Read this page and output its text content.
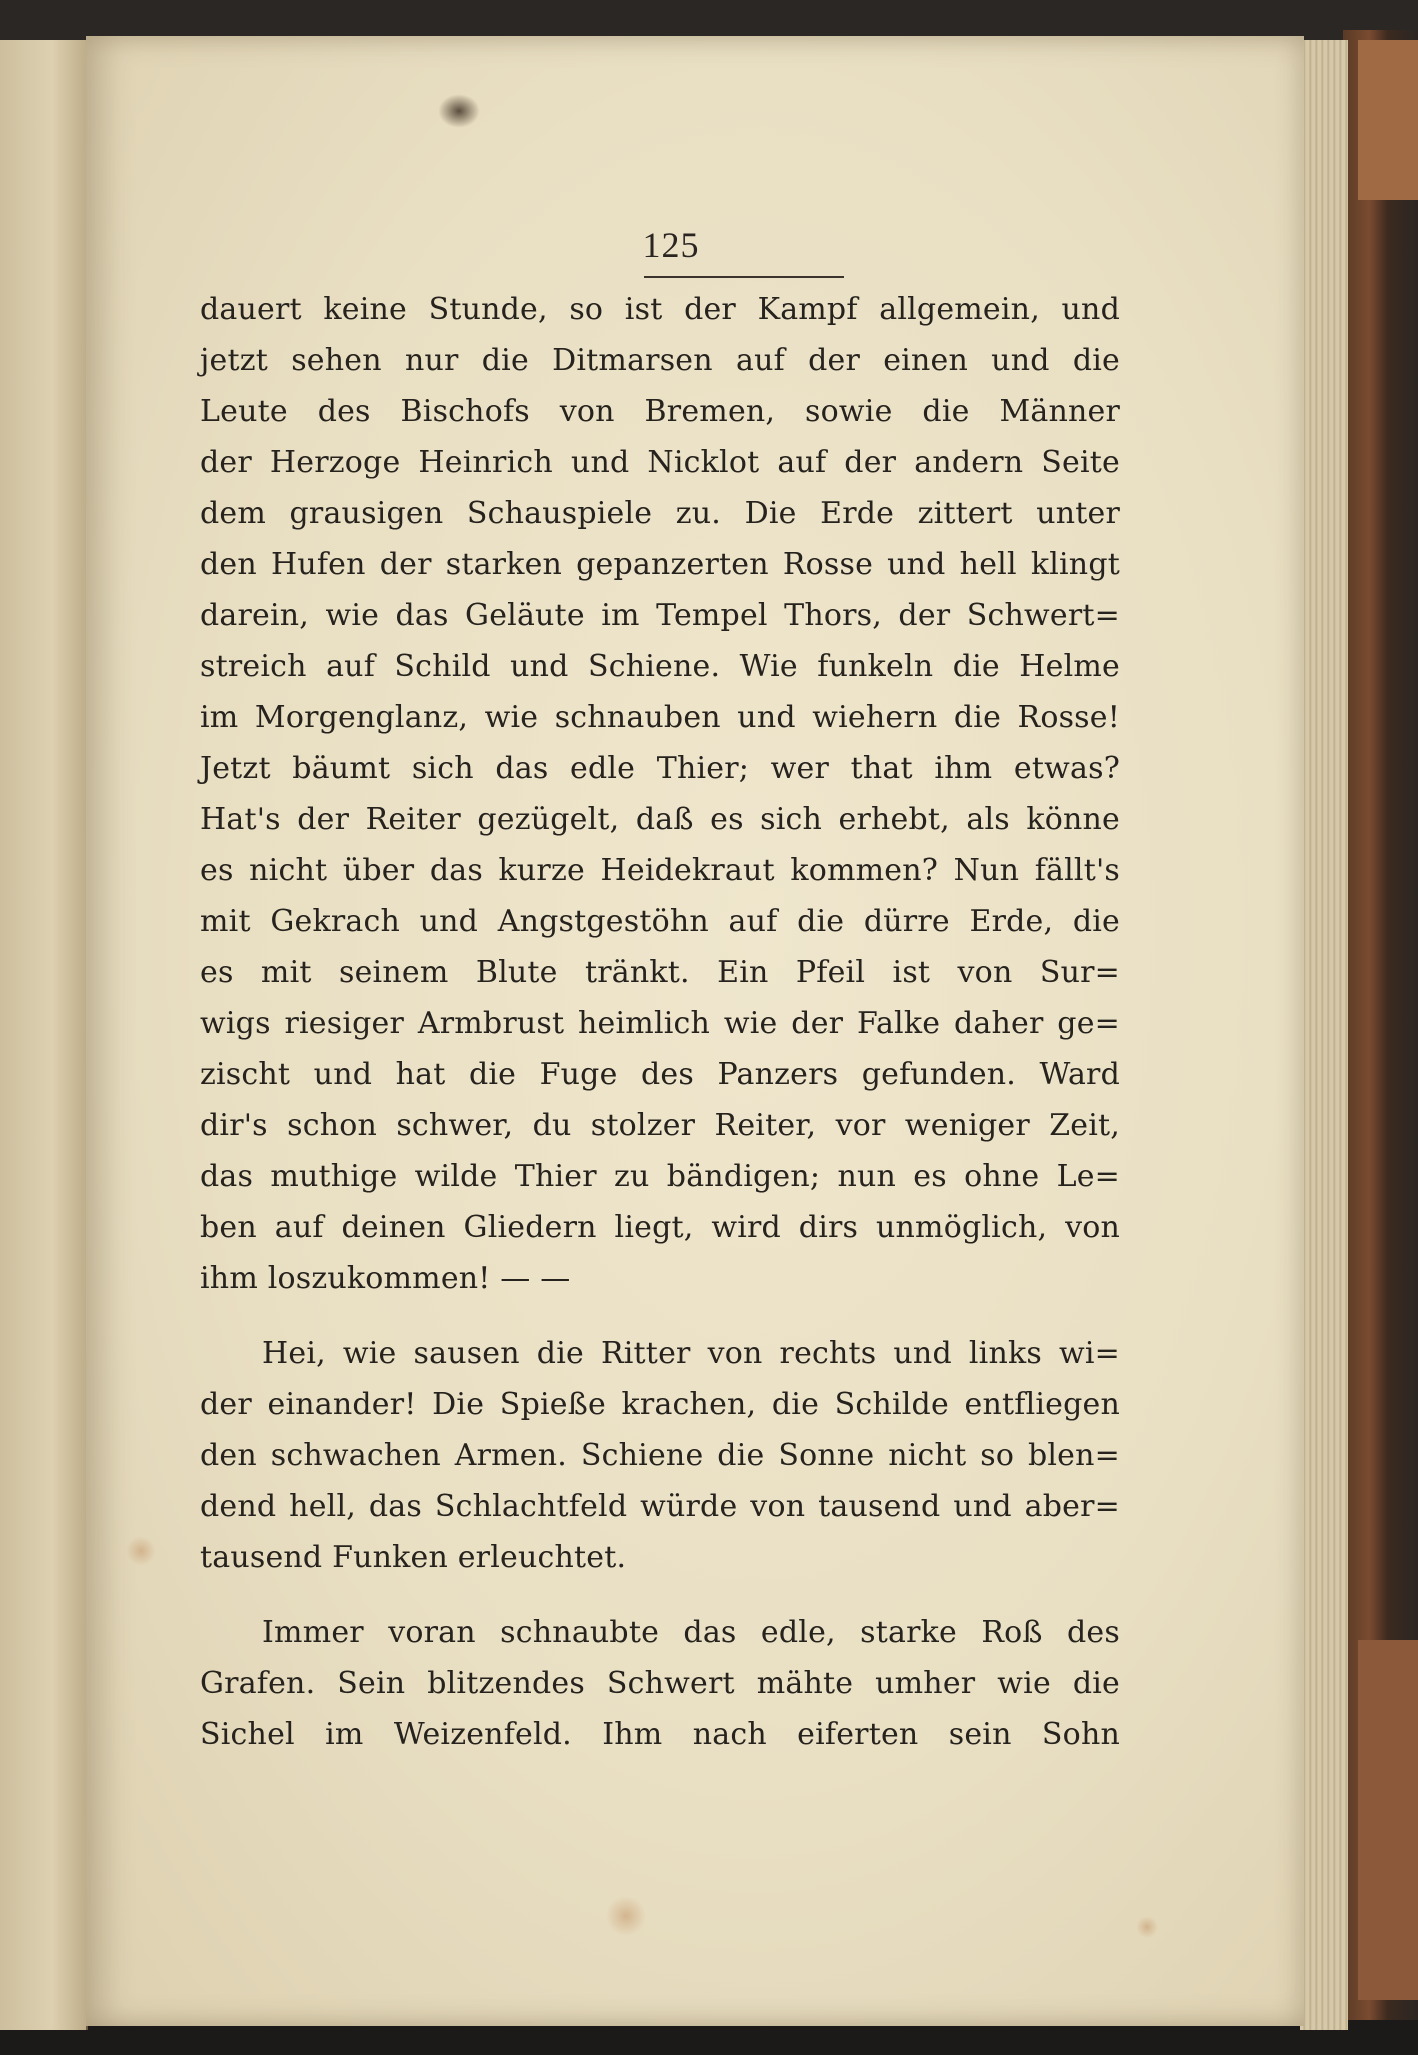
125
dauert keine Stunde, so ist der Kampf allgemein, und
jetzt sehen nur die Ditmarsen auf der einen und die
Leute des Bischofs von Bremen, sowie die Männer
der Herzoge Heinrich und Nicklot auf der andern Seite
dem grausigen Schauspiele zu. Die Erde zittert unter
den Hufen der starken gepanzerten Rosse und hell klingt
darein, wie das Geläute im Tempel Thors, der Schwert=
streich auf Schild und Schiene. Wie funkeln die Helme
im Morgenglanz, wie schnauben und wiehern die Rosse!
Jetzt bäumt sich das edle Thier; wer that ihm etwas?
Hat's der Reiter gezügelt, daß es sich erhebt, als könne
es nicht über das kurze Heidekraut kommen? Nun fällt's
mit Gekrach und Angstgestöhn auf die dürre Erde, die
es mit seinem Blute tränkt. Ein Pfeil ist von Sur=
wigs riesiger Armbrust heimlich wie der Falke daher ge=
zischt und hat die Fuge des Panzers gefunden. Ward
dir's schon schwer, du stolzer Reiter, vor weniger Zeit,
das muthige wilde Thier zu bändigen; nun es ohne Le=
ben auf deinen Gliedern liegt, wird dirs unmöglich, von
ihm loszukommen! — —
Hei, wie sausen die Ritter von rechts und links wi=
der einander! Die Spieße krachen, die Schilde entfliegen
den schwachen Armen. Schiene die Sonne nicht so blen=
dend hell, das Schlachtfeld würde von tausend und aber=
tausend Funken erleuchtet.
Immer voran schnaubte das edle, starke Roß des
Grafen. Sein blitzendes Schwert mähte umher wie die
Sichel im Weizenfeld. Ihm nach eiferten sein Sohn
